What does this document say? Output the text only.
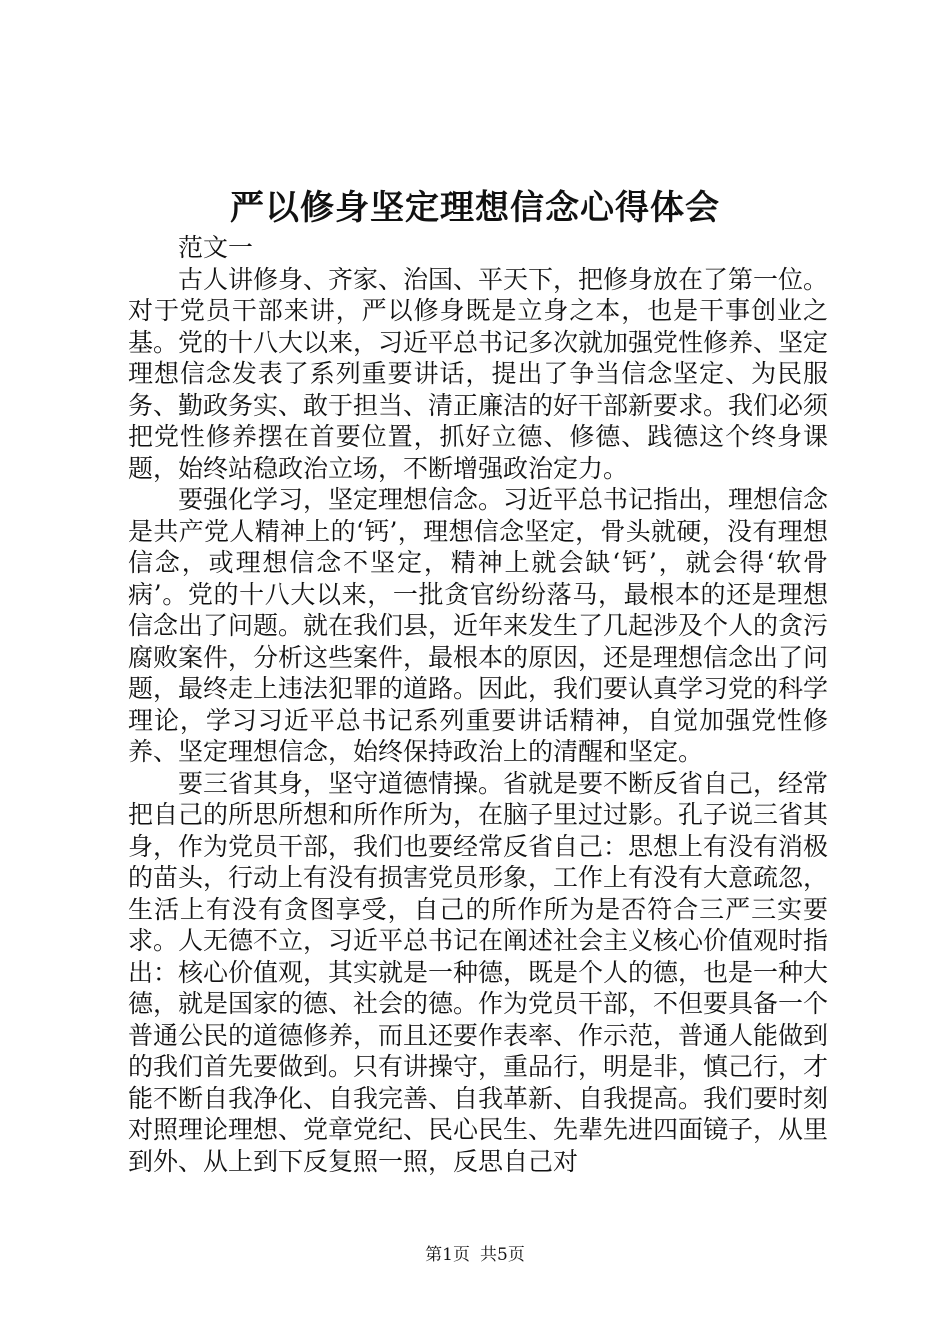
严以修身坚定理想信念心得体会

范文一

古人讲修身、齐家、治国、平天下，把修身放在了第一位。对于党员干部来讲，严以修身既是立身之本，也是干事创业之基。党的十八大以来，习近平总书记多次就加强党性修养、坚定理想信念发表了系列重要讲话，提出了争当信念坚定、为民服务、勤政务实、敢于担当、清正廉洁的好干部新要求。我们必须把党性修养摆在首要位置，抓好立德、修德、践德这个终身课题，始终站稳政治立场，不断增强政治定力。

要强化学习，坚定理想信念。习近平总书记指出，理想信念是共产党人精神上的‘钙’，理想信念坚定，骨头就硬，没有理想信念，或理想信念不坚定，精神上就会缺‘钙’，就会得‘软骨病’。党的十八大以来，一批贪官纷纷落马，最根本的还是理想信念出了问题。就在我们县，近年来发生了几起涉及个人的贪污腐败案件，分析这些案件，最根本的原因，还是理想信念出了问题，最终走上违法犯罪的道路。因此，我们要认真学习党的科学理论，学习习近平总书记系列重要讲话精神，自觉加强党性修养、坚定理想信念，始终保持政治上的清醒和坚定。

要三省其身，坚守道德情操。省就是要不断反省自己，经常把自己的所思所想和所作所为，在脑子里过过影。孔子说三省其身，作为党员干部，我们也要经常反省自己：思想上有没有消极的苗头，行动上有没有损害党员形象，工作上有没有大意疏忽，生活上有没有贪图享受，自己的所作所为是否符合三严三实要求。人无德不立，习近平总书记在阐述社会主义核心价值观时指出：核心价值观，其实就是一种德，既是个人的德，也是一种大德，就是国家的德、社会的德。作为党员干部，不但要具备一个普通公民的道德修养，而且还要作表率、作示范，普通人能做到的我们首先要做到。只有讲操守，重品行，明是非，慎己行，才能不断自我净化、自我完善、自我革新、自我提高。我们要时刻对照理论理想、党章党纪、民心民生、先辈先进四面镜子，从里到外、从上到下反复照一照，反思自己对

第1页 共5页
